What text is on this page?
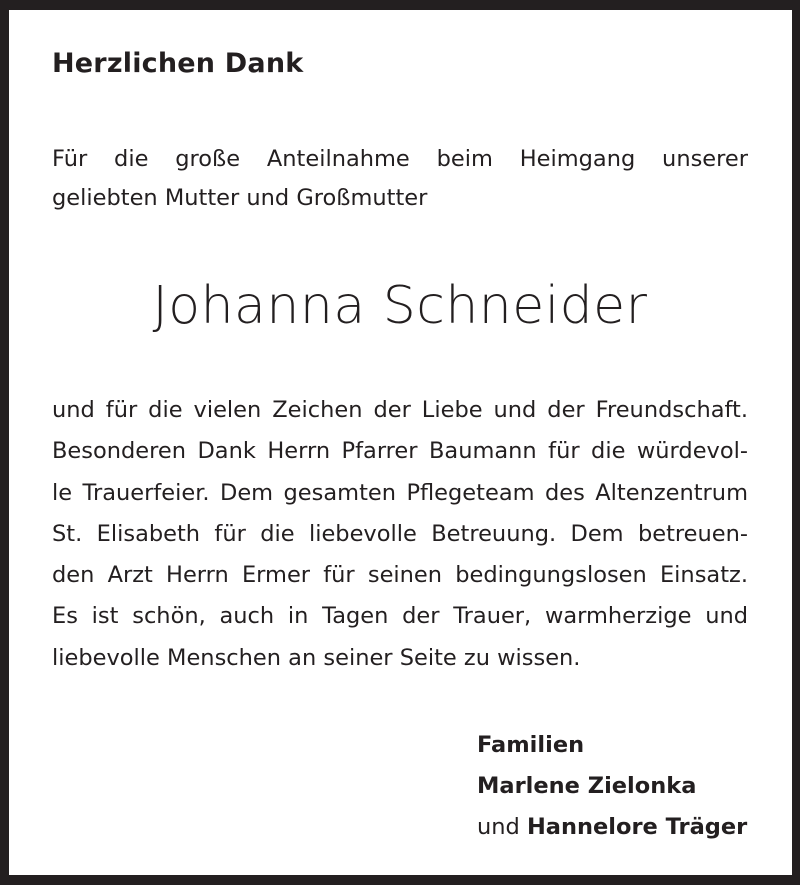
Herzlichen Dank
Für die große Anteilnahme beim Heimgang unserer
geliebten Mutter und Großmutter
Johanna Schneider
und für die vielen Zeichen der Liebe und der Freundschaft.
Besonderen Dank Herrn Pfarrer Baumann für die würdevol-
le Trauerfeier. Dem gesamten Pflegeteam des Altenzentrum
St. Elisabeth für die liebevolle Betreuung. Dem betreuen-
den Arzt Herrn Ermer für seinen bedingungslosen Einsatz.
Es ist schön, auch in Tagen der Trauer, warmherzige und
liebevolle Menschen an seiner Seite zu wissen.
Familien
Marlene Zielonka
und Hannelore Träger
